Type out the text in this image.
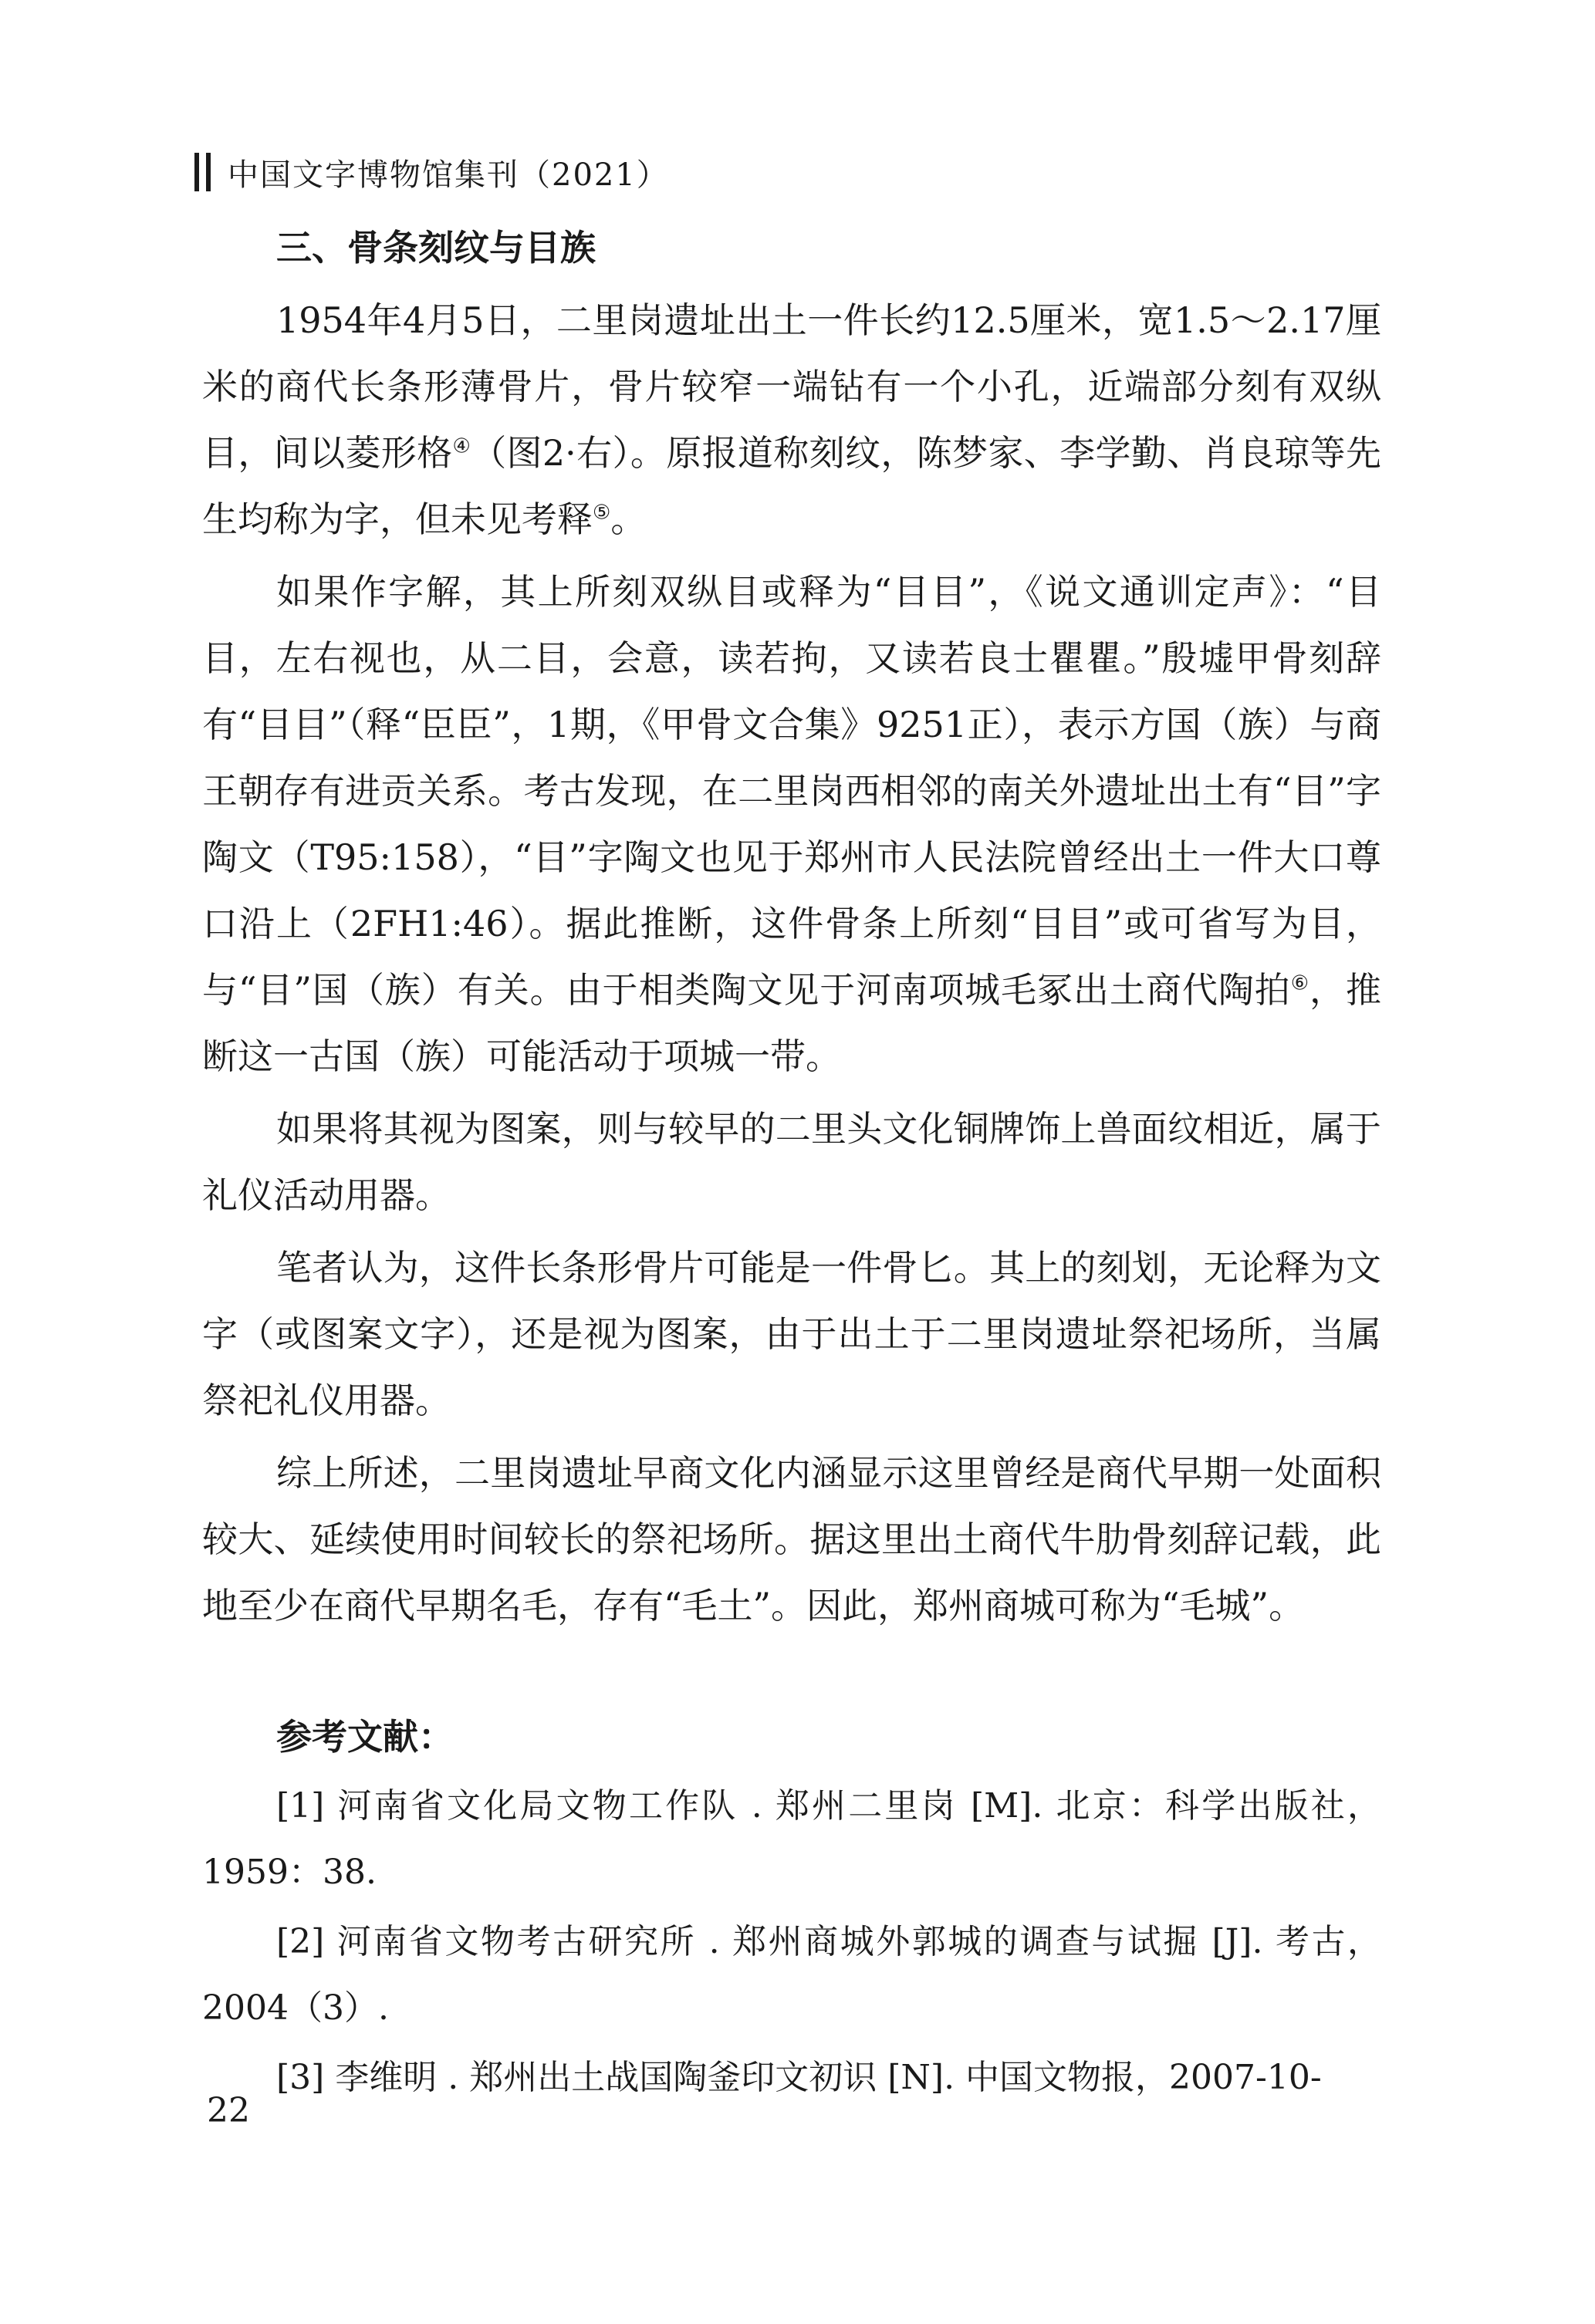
中国文字博物馆集刊（2021）
三、骨条刻纹与目族

1954年4月5日，二里岗遗址出土一件长约12.5厘米，宽1.5～2.17厘米的商代长条形薄骨片，骨片较窄一端钻有一个小孔，近端部分刻有双纵目，间以菱形格④（图2·右）。原报道称刻纹，陈梦家、李学勤、肖良琼等先生均称为字，但未见考释⑤。

如果作字解，其上所刻双纵目或释为“目目”，《说文通训定声》：“目目，左右视也，从二目，会意，读若拘，又读若良士瞿瞿。”殷墟甲骨刻辞有“目目”（释“臣臣”，1期，《甲骨文合集》9251正），表示方国（族）与商王朝存有进贡关系。考古发现，在二里岗西相邻的南关外遗址出土有“目”字陶文（T95:158），“目”字陶文也见于郑州市人民法院曾经出土一件大口尊口沿上（2FH1:46）。据此推断，这件骨条上所刻“目目”或可省写为目，与“目”国（族）有关。由于相类陶文见于河南项城毛冢出土商代陶拍⑥，推断这一古国（族）可能活动于项城一带。

如果将其视为图案，则与较早的二里头文化铜牌饰上兽面纹相近，属于礼仪活动用器。

笔者认为，这件长条形骨片可能是一件骨匕。其上的刻划，无论释为文字（或图案文字），还是视为图案，由于出土于二里岗遗址祭祀场所，当属祭祀礼仪用器。

综上所述，二里岗遗址早商文化内涵显示这里曾经是商代早期一处面积较大、延续使用时间较长的祭祀场所。据这里出土商代牛肋骨刻辞记载，此地至少在商代早期名毛，存有“毛土”。因此，郑州商城可称为“毛城”。

参考文献：

[1] 河南省文化局文物工作队 . 郑州二里岗 [M]. 北京：科学出版社，1959：38.

[2] 河南省文物考古研究所 . 郑州商城外郭城的调查与试掘 [J]. 考古，2004（3）.

[3] 李维明 . 郑州出土战国陶釜印文初识 [N]. 中国文物报，2007-10-

22
